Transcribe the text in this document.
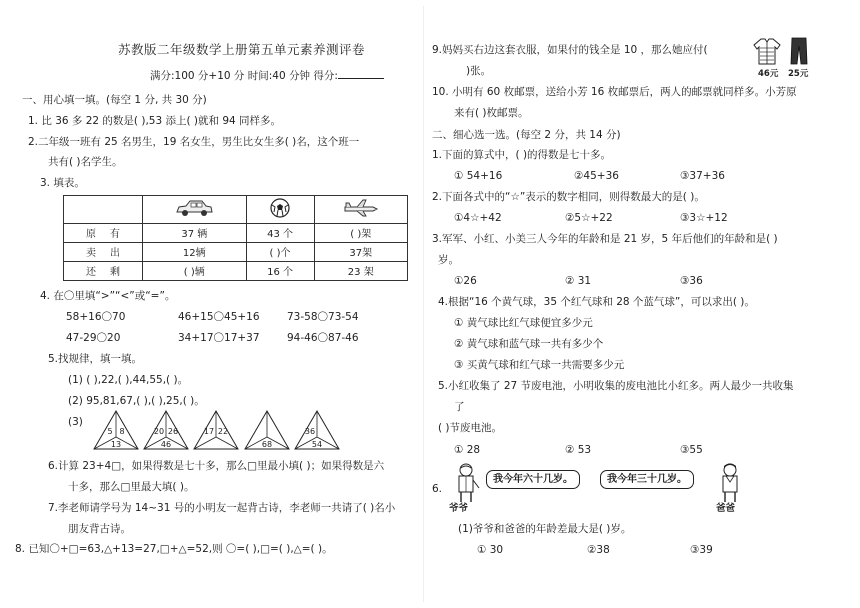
苏教版二年级数学上册第五单元素养测评卷
满分:100 分+10 分 时间:40 分钟 得分:
一、用心填一填。(每空 1 分, 共 30 分)
1. 比 36 多 22 的数是( ),53 添上( )就和 94 同样多。
2.二年级一班有 25 名男生，19 名女生，男生比女生多( )名，这个班一
共有( )名学生。
3. 填表。

原有	37 辆	43 个	( )架
卖出	12辆	( )个	37架
还剩	( )辆	16 个	23 架
4. 在〇里填“>”“<”或“=”。
58+16〇70	46+15〇45+16	73-58〇73-54
47-29〇20	34+17〇17+37	94-46〇87-46
5.找规律，填一填。
(1) ( ),22,( ),44,55,( )。
(2) 95,81,67,( ),( ),25,( )。
(3)
5 8
13
20 26
46
17 22
68
36
54
6.计算 23+4□，如果得数是七十多，那么□里最小填( )；如果得数是六
十多，那么□里最大填( )。
7.李老师请学号为 14~31 号的小明友一起背古诗，李老师一共请了( )名小
朋友背古诗。
8. 已知〇+□=63,△+13=27,□+△=52,则 〇=( ),□=( ),△=( )。
9.妈妈买右边这套衣服，如果付的钱全是 10 ，那么她应付(
)张。	46元 25元
10. 小明有 60 枚邮票，送给小芳 16 枚邮票后，两人的邮票就同样多。小芳原
来有( )枚邮票。
二、细心选一选。(每空 2 分，共 14 分)
1.下面的算式中，( )的得数是七十多。
① 54+16	②45+36	③37+36
2.下面各式中的“☆”表示的数字相同，则得数最大的是( )。
①4☆+42	②5☆+22	③3☆+12
3.军军、小红、小美三人今年的年龄和是 21 岁，5 年后他们的年龄和是( )
岁。
①26	② 31	③36
4.根据“16 个黄气球，35 个红气球和 28 个蓝气球”，可以求出( )。
① 黄气球比红气球便宜多少元
② 黄气球和蓝气球一共有多少个
③ 买黄气球和红气球一共需要多少元
5.小红收集了 27 节废电池，小明收集的废电池比小红多。两人最少一共收集
了
( )节废电池。
① 28	② 53	③55
6.
爷爷
我今年六十几岁。	我今年三十几岁。
爸爸
(1)爷爷和爸爸的年龄差最大是( )岁。
① 30	②38	③39
